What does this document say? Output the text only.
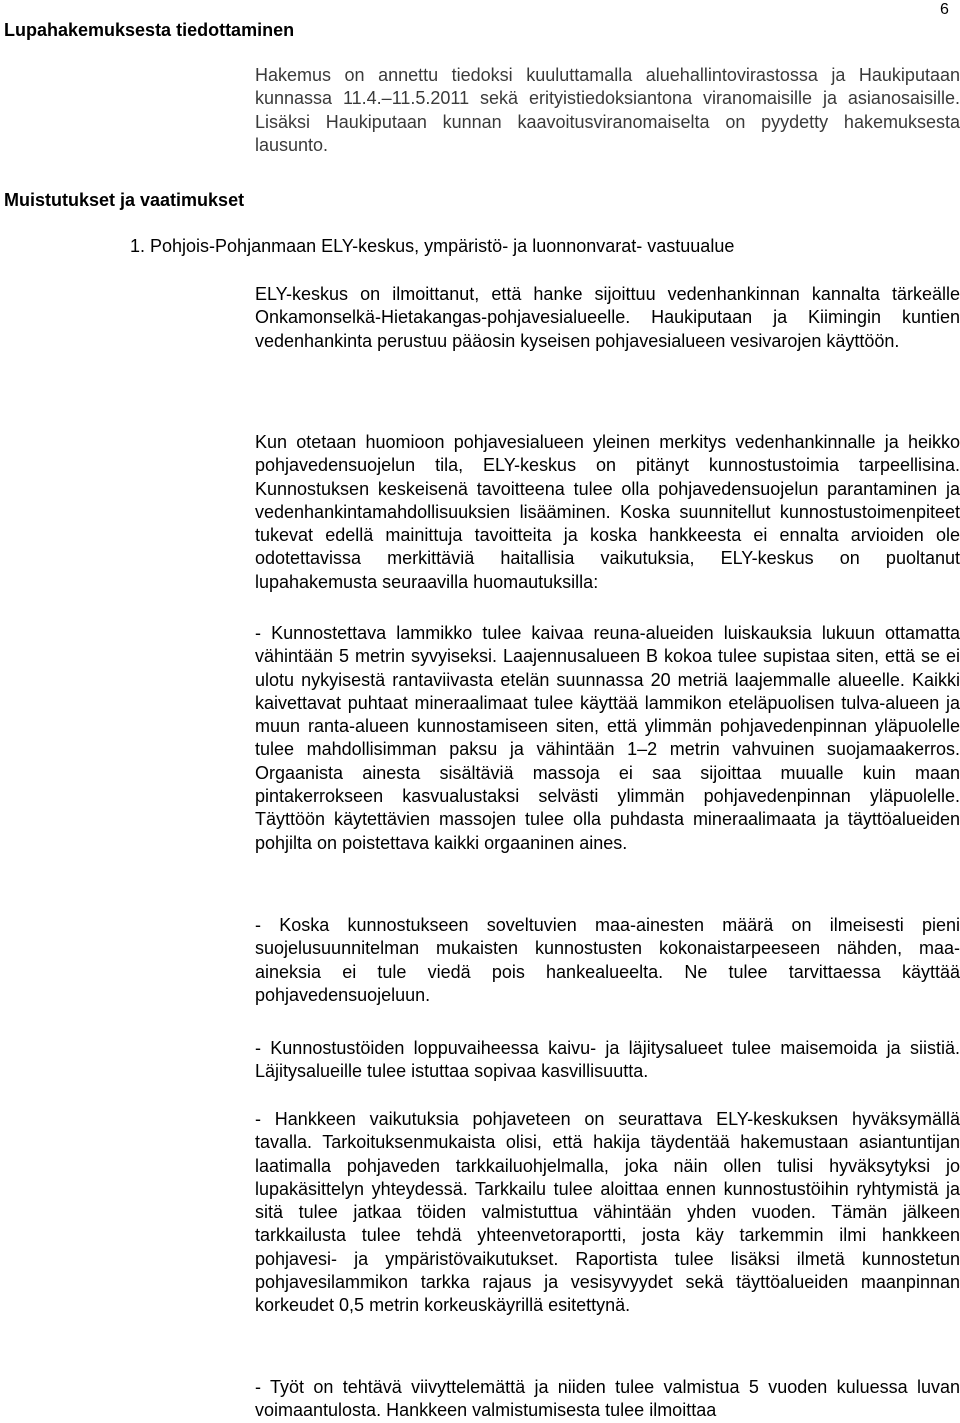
6
Lupahakemuksesta tiedottaminen

Hakemus on annettu tiedoksi kuuluttamalla aluehallintovirastossa ja Haukiputaan kunnassa 11.4.–11.5.2011 sekä erityistiedoksiantona viranomaisille ja asianosaisille. Lisäksi Haukiputaan kunnan kaavoitusviranomaiselta on pyydetty hakemuksesta lausunto.

Muistutukset ja vaatimukset
1. Pohjois-Pohjanmaan ELY-keskus, ympäristö- ja luonnonvarat- vastuualue

ELY-keskus on ilmoittanut, että hanke sijoittuu vedenhankinnan kannalta tärkeälle Onkamonselkä-Hietakangas-pohjavesialueelle. Haukiputaan ja Kiimingin kuntien vedenhankinta perustuu pääosin kyseisen pohjavesialueen vesivarojen käyttöön.

Kun otetaan huomioon pohjavesialueen yleinen merkitys vedenhankinnalle ja heikko pohjavedensuojelun tila, ELY-keskus on pitänyt kunnostustoimia tarpeellisina. Kunnostuksen keskeisenä tavoitteena tulee olla pohjavedensuojelun parantaminen ja vedenhankintamahdollisuuksien lisääminen. Koska suunnitellut kunnostustoimenpiteet tukevat edellä mainittuja tavoitteita ja koska hankkeesta ei ennalta arvioiden ole odotettavissa merkittäviä haitallisia vaikutuksia, ELY-keskus on puoltanut lupahakemusta seuraavilla huomautuksilla:

- Kunnostettava lammikko tulee kaivaa reuna-alueiden luiskauksia lukuun ottamatta vähintään 5 metrin syvyiseksi. Laajennusalueen B kokoa tulee supistaa siten, että se ei ulotu nykyisestä rantaviivasta etelän suunnassa 20 metriä laajemmalle alueelle. Kaikki kaivettavat puhtaat mineraalimaat tulee käyttää lammikon eteläpuolisen tulva-alueen ja muun ranta-alueen kunnostamiseen siten, että ylimmän pohjavedenpinnan yläpuolelle tulee mahdollisimman paksu ja vähintään 1–2 metrin vahvuinen suojamaakerros. Orgaanista ainesta sisältäviä massoja ei saa sijoittaa muualle kuin maan pintakerrokseen kasvualustaksi selvästi ylimmän pohjavedenpinnan yläpuolelle. Täyttöön käytettävien massojen tulee olla puhdasta mineraalimaata ja täyttöalueiden pohjilta on poistettava kaikki orgaaninen aines.

- Koska kunnostukseen soveltuvien maa-ainesten määrä on ilmeisesti pieni suojelusuunnitelman mukaisten kunnostusten kokonaistarpeeseen nähden, maa-aineksia ei tule viedä pois hankealueelta. Ne tulee tarvittaessa käyttää pohjavedensuojeluun.

- Kunnostustöiden loppuvaiheessa kaivu- ja läjitysalueet tulee maisemoida ja siistiä. Läjitysalueille tulee istuttaa sopivaa kasvillisuutta.

- Hankkeen vaikutuksia pohjaveteen on seurattava ELY-keskuksen hyväksymällä tavalla. Tarkoituksenmukaista olisi, että hakija täydentää hakemustaan asiantuntijan laatimalla pohjaveden tarkkailuohjelmalla, joka näin ollen tulisi hyväksytyksi jo lupakäsittelyn yhteydessä. Tarkkailu tulee aloittaa ennen kunnostustöihin ryhtymistä ja sitä tulee jatkaa töiden valmistuttua vähintään yhden vuoden. Tämän jälkeen tarkkailusta tulee tehdä yhteenvetoraportti, josta käy tarkemmin ilmi hankkeen pohjavesi- ja ympäristövaikutukset. Raportista tulee lisäksi ilmetä kunnostetun pohjavesilammikon tarkka rajaus ja vesisyvyydet sekä täyttöalueiden maanpinnan korkeudet 0,5 metrin korkeuskäyrillä esitettynä.

- Työt on tehtävä viivyttelemättä ja niiden tulee valmistua 5 vuoden kuluessa luvan voimaantulosta. Hankkeen valmistumisesta tulee ilmoittaa
